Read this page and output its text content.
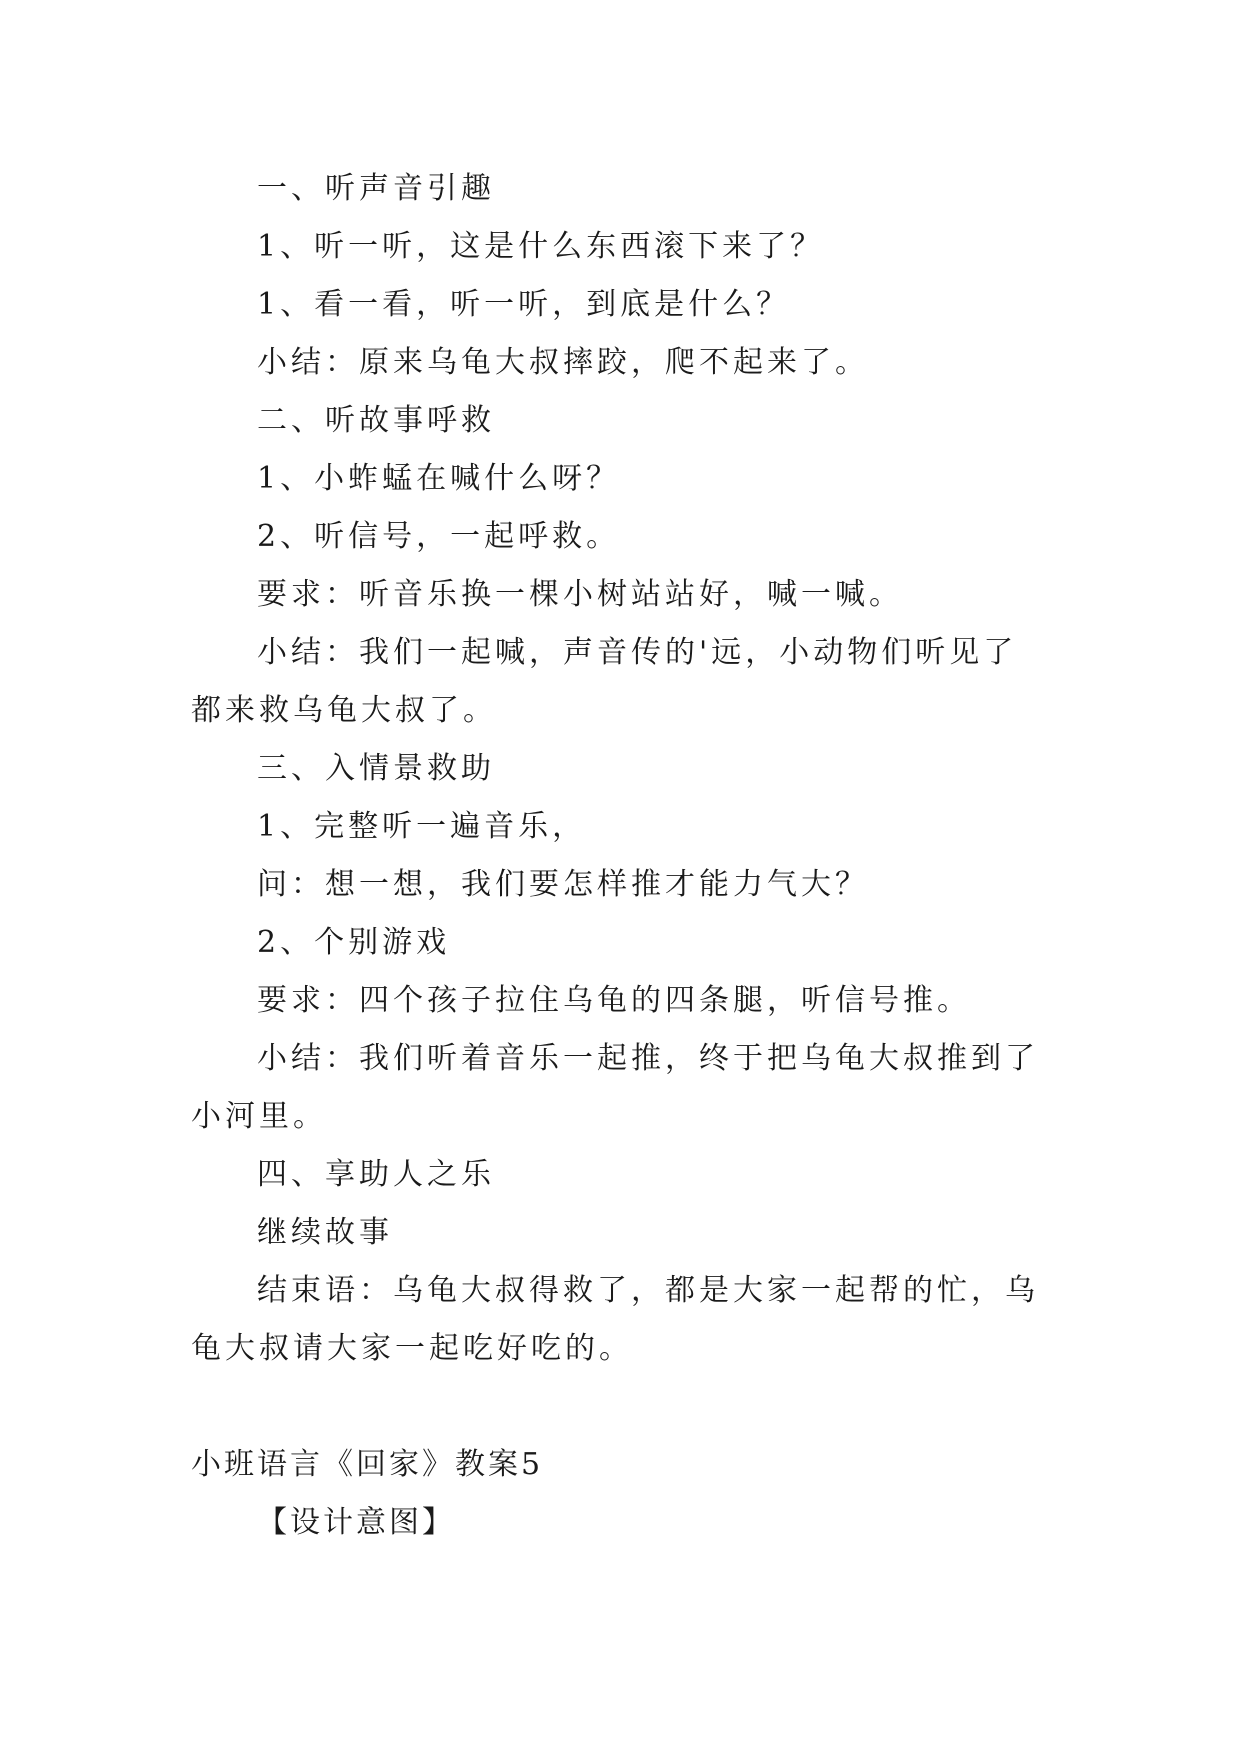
一、听声音引趣

1、听一听，这是什么东西滚下来了？

1、看一看，听一听，到底是什么？

小结：原来乌龟大叔摔跤，爬不起来了。

二、听故事呼救

1、小蚱蜢在喊什么呀？

2、听信号，一起呼救。

要求：听音乐换一棵小树站站好，喊一喊。

小结：我们一起喊，声音传的'远，小动物们听见了都来救乌龟大叔了。

三、入情景救助

1、完整听一遍音乐，

问：想一想，我们要怎样推才能力气大？

2、个别游戏

要求：四个孩子拉住乌龟的四条腿，听信号推。

小结：我们听着音乐一起推，终于把乌龟大叔推到了小河里。

四、享助人之乐

继续故事

结束语：乌龟大叔得救了，都是大家一起帮的忙，乌龟大叔请大家一起吃好吃的。

小班语言《回家》教案5

【设计意图】
